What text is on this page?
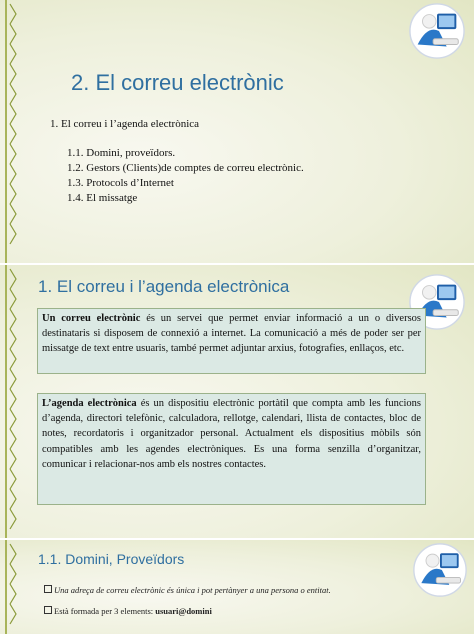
2. El correu electrònic
1. El correu i l’agenda electrònica
1.1. Domini, proveïdors.
1.2. Gestors (Clients)de comptes de correu electrònic.
1.3. Protocols d’Internet
1.4. El missatge
1. El correu i l’agenda electrònica
Un correu electrònic és un servei que permet enviar informació a un o diversos destinataris si disposem de connexió a internet. La comunicació a més de poder ser per missatge de text entre usuaris, també permet adjuntar arxius, fotografies, enllaços, etc.
L’agenda electrònica és un dispositiu electrònic portàtil que compta amb les funcions d’agenda, directori telefònic, calculadora, rellotge, calendari, llista de contactes, bloc de notes, recordatoris i organitzador personal. Actualment els dispositius mòbils són compatibles amb les agendes electròniques. Es una forma senzilla d’organitzar, comunicar i relacionar-nos amb els nostres contactes.
1.1. Domini, Proveïdors
Una adreça de correu electrònic és única i pot pertànyer a una persona o entitat.
Està formada per 3 elements: usuari@domini
